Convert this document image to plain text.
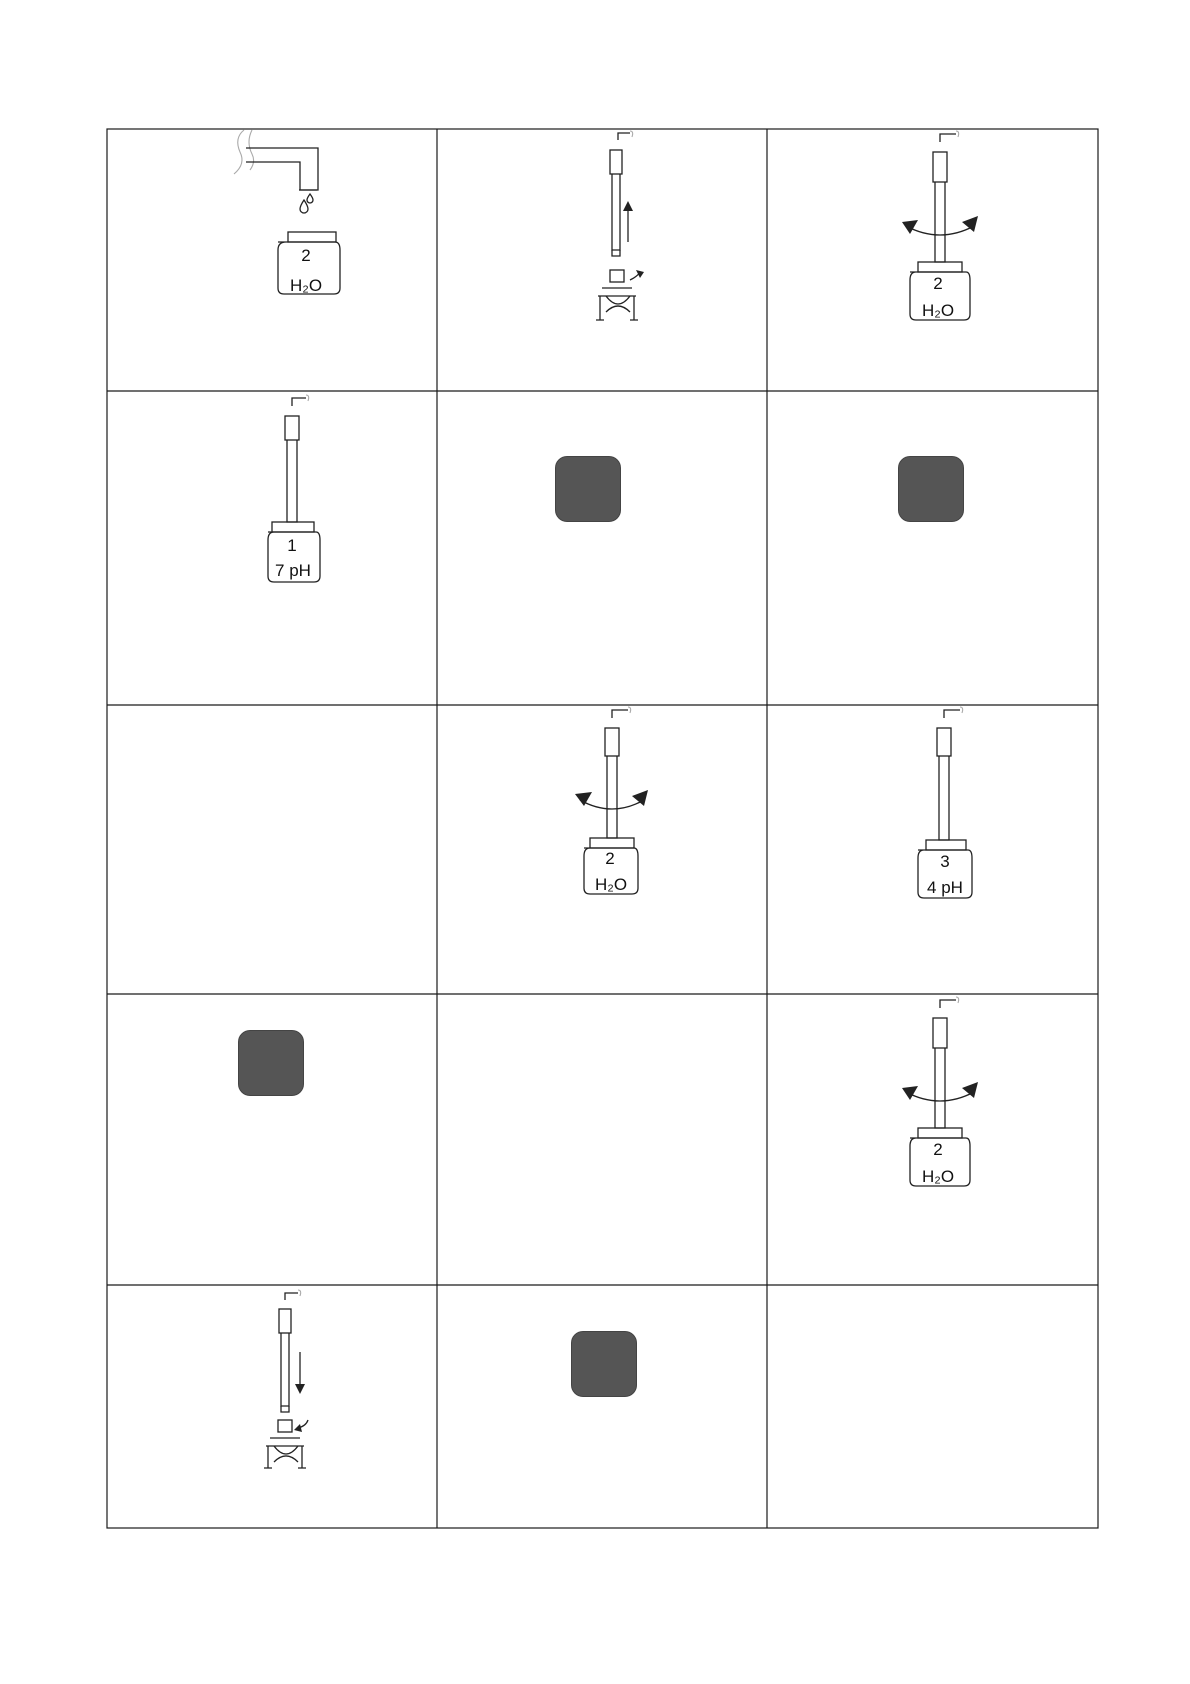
2
H₂O	2
H₂O
1
7 pH
2
H₂O
3
4 pH
2
H₂O
